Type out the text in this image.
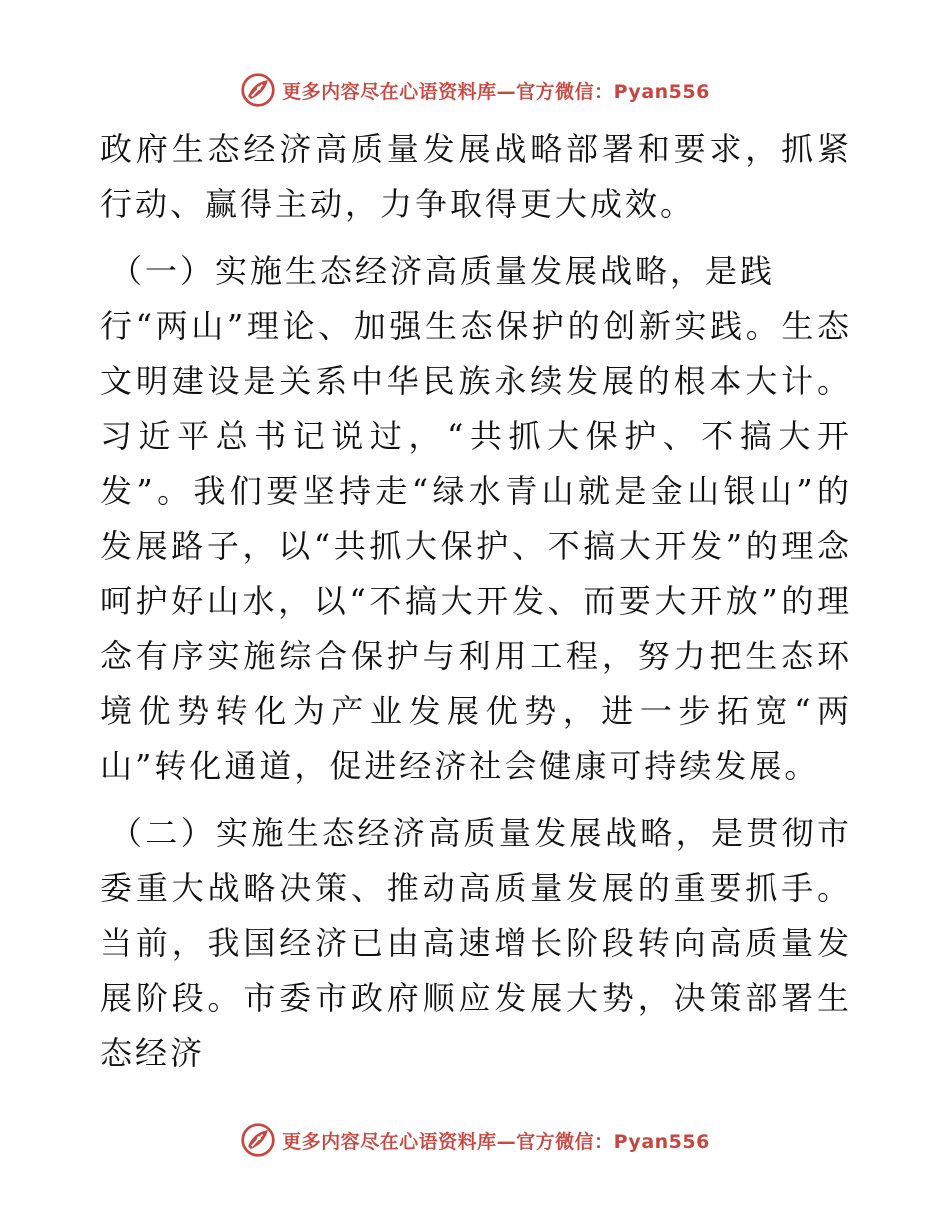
更多内容尽在心语资料库—官方微信：Pyan556

政府生态经济高质量发展战略部署和要求，抓紧行动、赢得主动，力争取得更大成效。

（一）实施生态经济高质量发展战略，是践

行“两山”理论、加强生态保护的创新实践。生态文明建设是关系中华民族永续发展的根本大计。习近平总书记说过，“共抓大保护、不搞大开发”。我们要坚持走“绿水青山就是金山银山”的发展路子，以“共抓大保护、不搞大开发”的理念呵护好山水，以“不搞大开发、而要大开放”的理念有序实施综合保护与利用工程，努力把生态环境优势转化为产业发展优势，进一步拓宽“两山”转化通道，促进经济社会健康可持续发展。

（二）实施生态经济高质量发展战略，是贯彻市委重大战略决策、推动高质量发展的重要抓手。当前，我国经济已由高速增长阶段转向高质量发展阶段。市委市政府顺应发展大势，决策部署生态经济

更多内容尽在心语资料库—官方微信：Pyan556
